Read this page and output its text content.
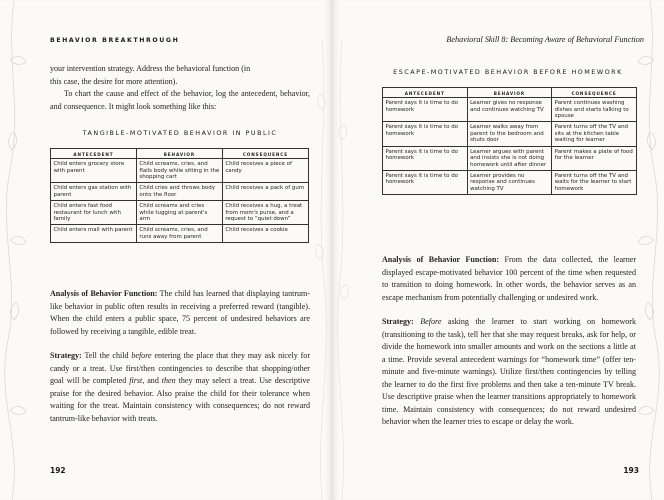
BEHAVIOR BREAKTHROUGH

your intervention strategy. Address the behavioral function (in

this case, the desire for more attention).

To chart the cause and effect of the behavior, log the antecedent, behavior, and consequence. It might look something like this:

TANGIBLE-MOTIVATED BEHAVIOR IN PUBLIC
ANTECEDENT	BEHAVIOR	CONSEQUENCE
Child enters grocery store with parent	Child screams, cries, and flails body while sitting in the shopping cart	Child receives a piece of candy
Child enters gas station with parent	Child cries and throws body onto the floor	Child receives a pack of gum
Child enters fast food restaurant for lunch with family	Child screams and cries while tugging at parent's arm	Child receives a hug, a treat from mom's purse, and a request to “quiet down”
Child enters mall with parent	Child screams, cries, and runs away from parent	Child receives a cookie

Analysis of Behavior Function: The child has learned that displaying tantrum-like behavior in public often results in receiving a preferred reward (tangible). When the child enters a public space, 75 percent of undesired behaviors are followed by receiving a tangible, edible treat.

Strategy: Tell the child before entering the place that they may ask nicely for candy or a treat. Use first/then contingencies to describe that shopping/other goal will be completed first, and then they may select a treat. Use descriptive praise for the desired behavior. Also praise the child for their tolerance when waiting for the treat. Maintain consistency with consequences; do not reward tantrum-like behavior with treats.

192
Behavioral Skill 8: Becoming Aware of Behavioral Function
ESCAPE-MOTIVATED BEHAVIOR BEFORE HOMEWORK
ANTECEDENT	BEHAVIOR	CONSEQUENCE
Parent says it is time to do homework	Learner gives no response and continues watching TV	Parent continues washing dishes and starts talking to spouse
Parent says it is time to do homework	Learner walks away from parent to the bedroom and shuts door	Parent turns off the TV and sits at the kitchen table waiting for learner
Parent says it is time to do homework	Learner argues with parent and insists she is not doing homework until after dinner	Parent makes a plate of food for the learner
Parent says it is time to do homework	Learner provides no response and continues watching TV	Parent turns off the TV and waits for the learner to start homework

Analysis of Behavior Function: From the data collected, the learner displayed escape-motivated behavior 100 percent of the time when requested to transition to doing homework. In other words, the behavior serves as an escape mechanism from potentially challenging or undesired work.

Strategy: Before asking the learner to start working on homework (transitioning to the task), tell her that she may request breaks, ask for help, or divide the homework into smaller amounts and work on the sections a little at a time. Provide several antecedent warnings for “homework time” (offer ten-minute and five-minute warnings). Utilize first/then contingencies by telling the learner to do the first five problems and then take a ten-minute TV break. Use descriptive praise when the learner transitions appropriately to homework time. Maintain consistency with consequences; do not reward undesired behavior when the learner tries to escape or delay the work.

193
